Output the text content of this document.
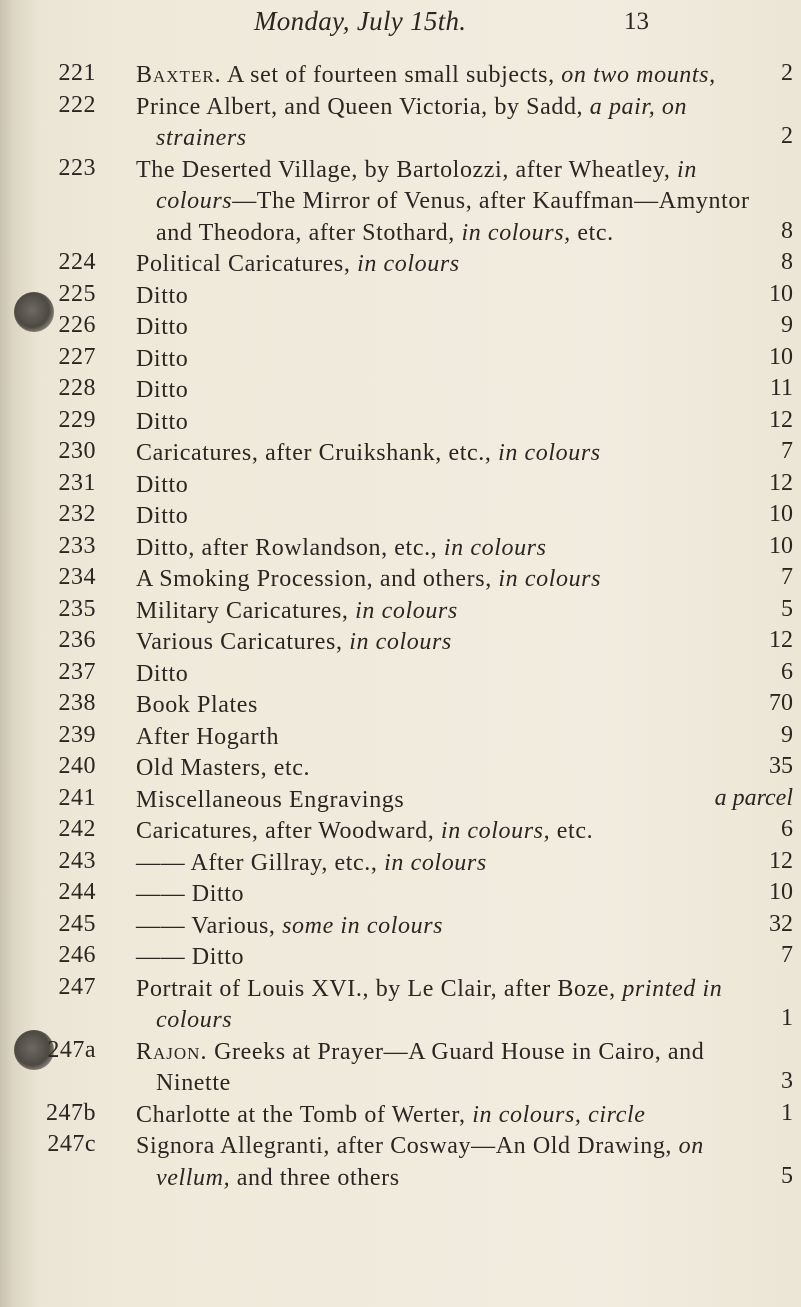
Monday, July 15th.	13
221 Baxter. A set of fourteen small subjects, on two mounts,	2
222 Prince Albert, and Queen Victoria, by Sadd, a pair, on
strainers	2
223 The Deserted Village, by Bartolozzi, after Wheatley, in
colours—The Mirror of Venus, after Kauffman—Amyntor
and Theodora, after Stothard, in colours, etc.	8
224 Political Caricatures, in colours	8
225 Ditto	10
226 Ditto	9
227 Ditto	10
228 Ditto	11
229 Ditto	12
230 Caricatures, after Cruikshank, etc., in colours	7
231 Ditto	12
232 Ditto	10
233 Ditto, after Rowlandson, etc., in colours	10
234 A Smoking Procession, and others, in colours	7
235 Military Caricatures, in colours	5
236 Various Caricatures, in colours	12
237 Ditto	6
238 Book Plates	70
239 After Hogarth	9
240 Old Masters, etc.	35
241 Miscellaneous Engravings	a parcel
242 Caricatures, after Woodward, in colours, etc.	6
243 —— After Gillray, etc., in colours	12
244 —— Ditto	10
245 —— Various, some in colours	32
246 —— Ditto	7
247 Portrait of Louis XVI., by Le Clair, after Boze, printed in
colours	1
247a Rajon. Greeks at Prayer—A Guard House in Cairo, and
Ninette	3
247b Charlotte at the Tomb of Werter, in colours, circle	1
247c Signora Allegranti, after Cosway—An Old Drawing, on
vellum, and three others	5
